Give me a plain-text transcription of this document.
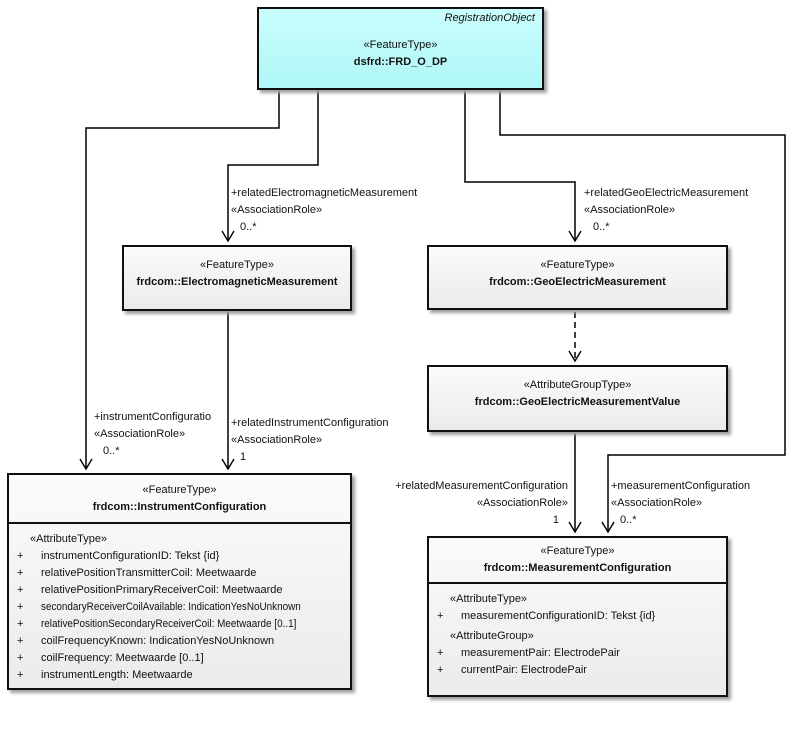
RegistrationObject
«FeatureType»
dsfrd::FRD_O_DP
«FeatureType»
frdcom::ElectromagneticMeasurement
«FeatureType»
frdcom::GeoElectricMeasurement
«AttributeGroupType»
frdcom::GeoElectricMeasurementValue
«FeatureType»
frdcom::InstrumentConfiguration
«AttributeType»
+	instrumentConfigurationID: Tekst {id}
+	relativePositionTransmitterCoil: Meetwaarde
+	relativePositionPrimaryReceiverCoil: Meetwaarde
+	secondaryReceiverCoilAvailable: IndicationYesNoUnknown
+	relativePositionSecondaryReceiverCoil: Meetwaarde [0..1]
+	coilFrequencyKnown: IndicationYesNoUnknown
+	coilFrequency: Meetwaarde [0..1]
+	instrumentLength: Meetwaarde
«FeatureType»
frdcom::MeasurementConfiguration
«AttributeType»
+	measurementConfigurationID: Tekst {id}
«AttributeGroup»
+	measurementPair: ElectrodePair
+	currentPair: ElectrodePair
+relatedElectromagneticMeasurement
«AssociationRole»
0..*
+relatedGeoElectricMeasurement
«AssociationRole»
0..*
+instrumentConfiguratio
«AssociationRole»
0..*
+relatedInstrumentConfiguration
«AssociationRole»
1
+relatedMeasurementConfiguration
«AssociationRole»
1
+measurementConfiguration
«AssociationRole»
0..*
